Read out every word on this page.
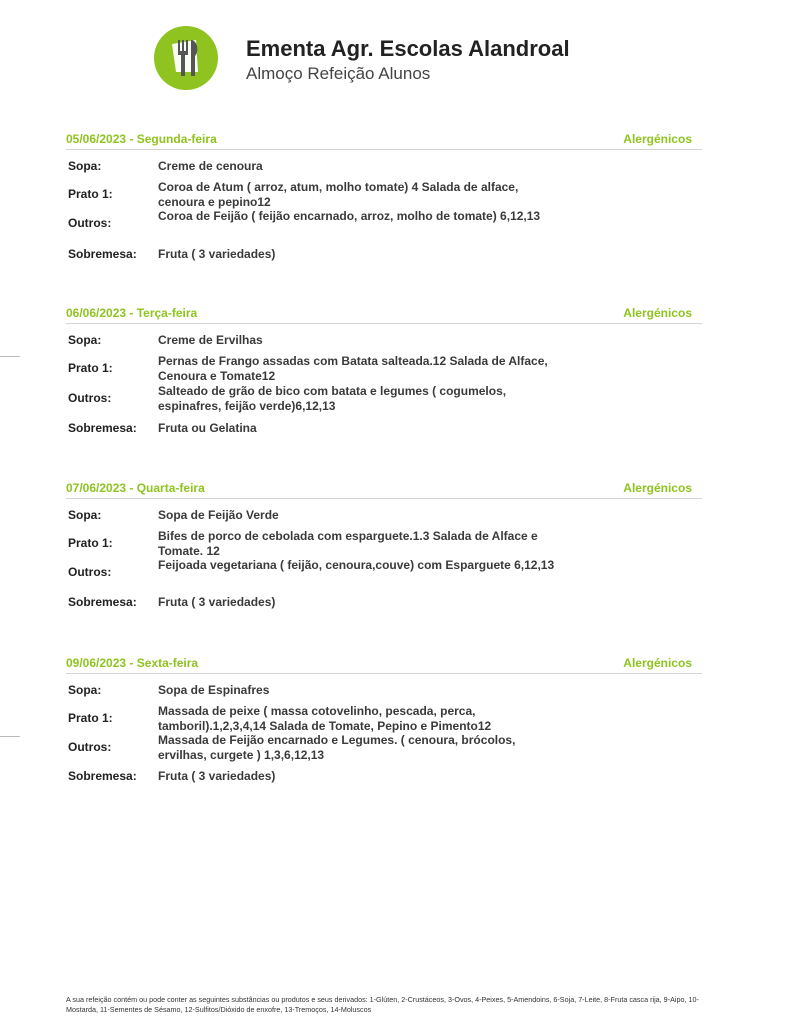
Ementa Agr. Escolas Alandroal
Almoço Refeição Alunos
05/06/2023 - Segunda-feira	Alergénicos
Sopa:	Creme de cenoura
Prato 1:	Coroa de Atum ( arroz, atum, molho tomate) 4 Salada de alface, cenoura e pepino12
Outros:	Coroa de Feijão ( feijão encarnado, arroz, molho de tomate) 6,12,13
Sobremesa:	Fruta ( 3 variedades)
06/06/2023 - Terça-feira	Alergénicos
Sopa:	Creme de Ervilhas
Prato 1:	Pernas de Frango assadas com Batata salteada.12 Salada de Alface, Cenoura e Tomate12
Outros:	Salteado de grão de bico com batata e legumes ( cogumelos, espinafres, feijão verde)6,12,13
Sobremesa:	Fruta ou Gelatina
07/06/2023 - Quarta-feira	Alergénicos
Sopa:	Sopa de Feijão Verde
Prato 1:	Bifes de porco de cebolada com esparguete.1.3 Salada de Alface e Tomate. 12
Outros:	Feijoada vegetariana ( feijão, cenoura,couve) com Esparguete 6,12,13
Sobremesa:	Fruta ( 3 variedades)
09/06/2023 - Sexta-feira	Alergénicos
Sopa:	Sopa de Espinafres
Prato 1:	Massada de peixe ( massa cotovelinho, pescada, perca, tamboril).1,2,3,4,14 Salada de Tomate, Pepino e Pimento12
Outros:	Massada de Feijão encarnado e Legumes. ( cenoura, brócolos, ervilhas, curgete ) 1,3,6,12,13
Sobremesa:	Fruta ( 3 variedades)
A sua refeição contém ou pode conter as seguintes substâncias ou produtos e seus derivados: 1-Glúten, 2-Crustáceos, 3-Ovos, 4-Peixes, 5-Amendoins, 6-Soja, 7-Leite, 8-Fruta casca rija, 9-Aipo, 10-Mostarda, 11-Sementes de Sésamo, 12-Sulfitos/Dióxido de enxofre, 13-Tremoços, 14-Moluscos
